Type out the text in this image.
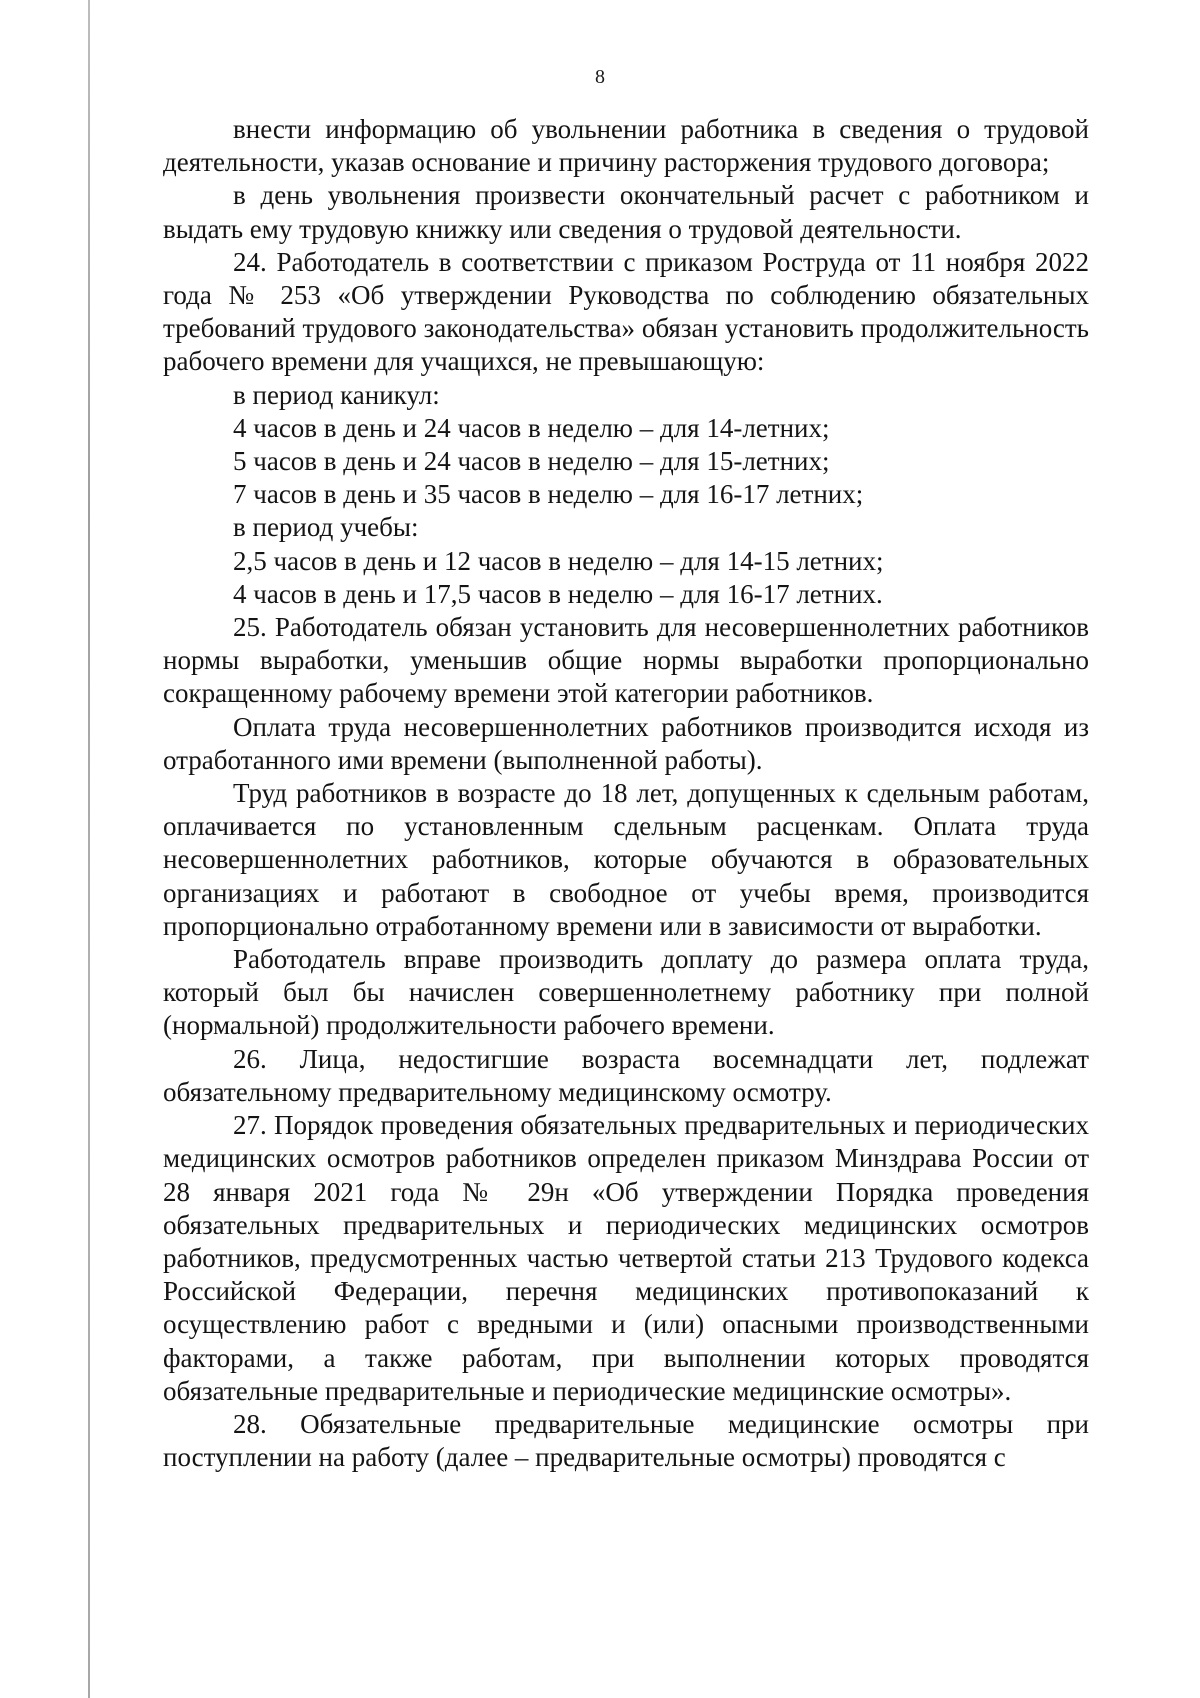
8

внести информацию об увольнении работника в сведения о трудовой деятельности, указав основание и причину расторжения трудового договора;

в день увольнения произвести окончательный расчет с работником и выдать ему трудовую книжку или сведения о трудовой деятельности.

24. Работодатель в соответствии с приказом Роструда от 11 ноября 2022 года № 253 «Об утверждении Руководства по соблюдению обязательных требований трудового законодательства» обязан установить продолжительность рабочего времени для учащихся, не превышающую:

в период каникул:

4 часов в день и 24 часов в неделю – для 14-летних;

5 часов в день и 24 часов в неделю – для 15-летних;

7 часов в день и 35 часов в неделю – для 16-17 летних;

в период учебы:

2,5 часов в день и 12 часов в неделю – для 14-15 летних;

4 часов в день и 17,5 часов в неделю – для 16-17 летних.

25. Работодатель обязан установить для несовершеннолетних работников нормы выработки, уменьшив общие нормы выработки пропорционально сокращенному рабочему времени этой категории работников.

Оплата труда несовершеннолетних работников производится исходя из отработанного ими времени (выполненной работы).

Труд работников в возрасте до 18 лет, допущенных к сдельным работам, оплачивается по установленным сдельным расценкам. Оплата труда несовершеннолетних работников, которые обучаются в образовательных организациях и работают в свободное от учебы время, производится пропорционально отработанному времени или в зависимости от выработки.

Работодатель вправе производить доплату до размера оплата труда, который был бы начислен совершеннолетнему работнику при полной (нормальной) продолжительности рабочего времени.

26. Лица, недостигшие возраста восемнадцати лет, подлежат обязательному предварительному медицинскому осмотру.

27. Порядок проведения обязательных предварительных и периодических медицинских осмотров работников определен приказом Минздрава России от 28 января 2021 года № 29н «Об утверждении Порядка проведения обязательных предварительных и периодических медицинских осмотров работников, предусмотренных частью четвертой статьи 213 Трудового кодекса Российской Федерации, перечня медицинских противопоказаний к осуществлению работ с вредными и (или) опасными производственными факторами, а также работам, при выполнении которых проводятся обязательные предварительные и периодические медицинские осмотры».

28. Обязательные предварительные медицинские осмотры при поступлении на работу (далее – предварительные осмотры) проводятся с
